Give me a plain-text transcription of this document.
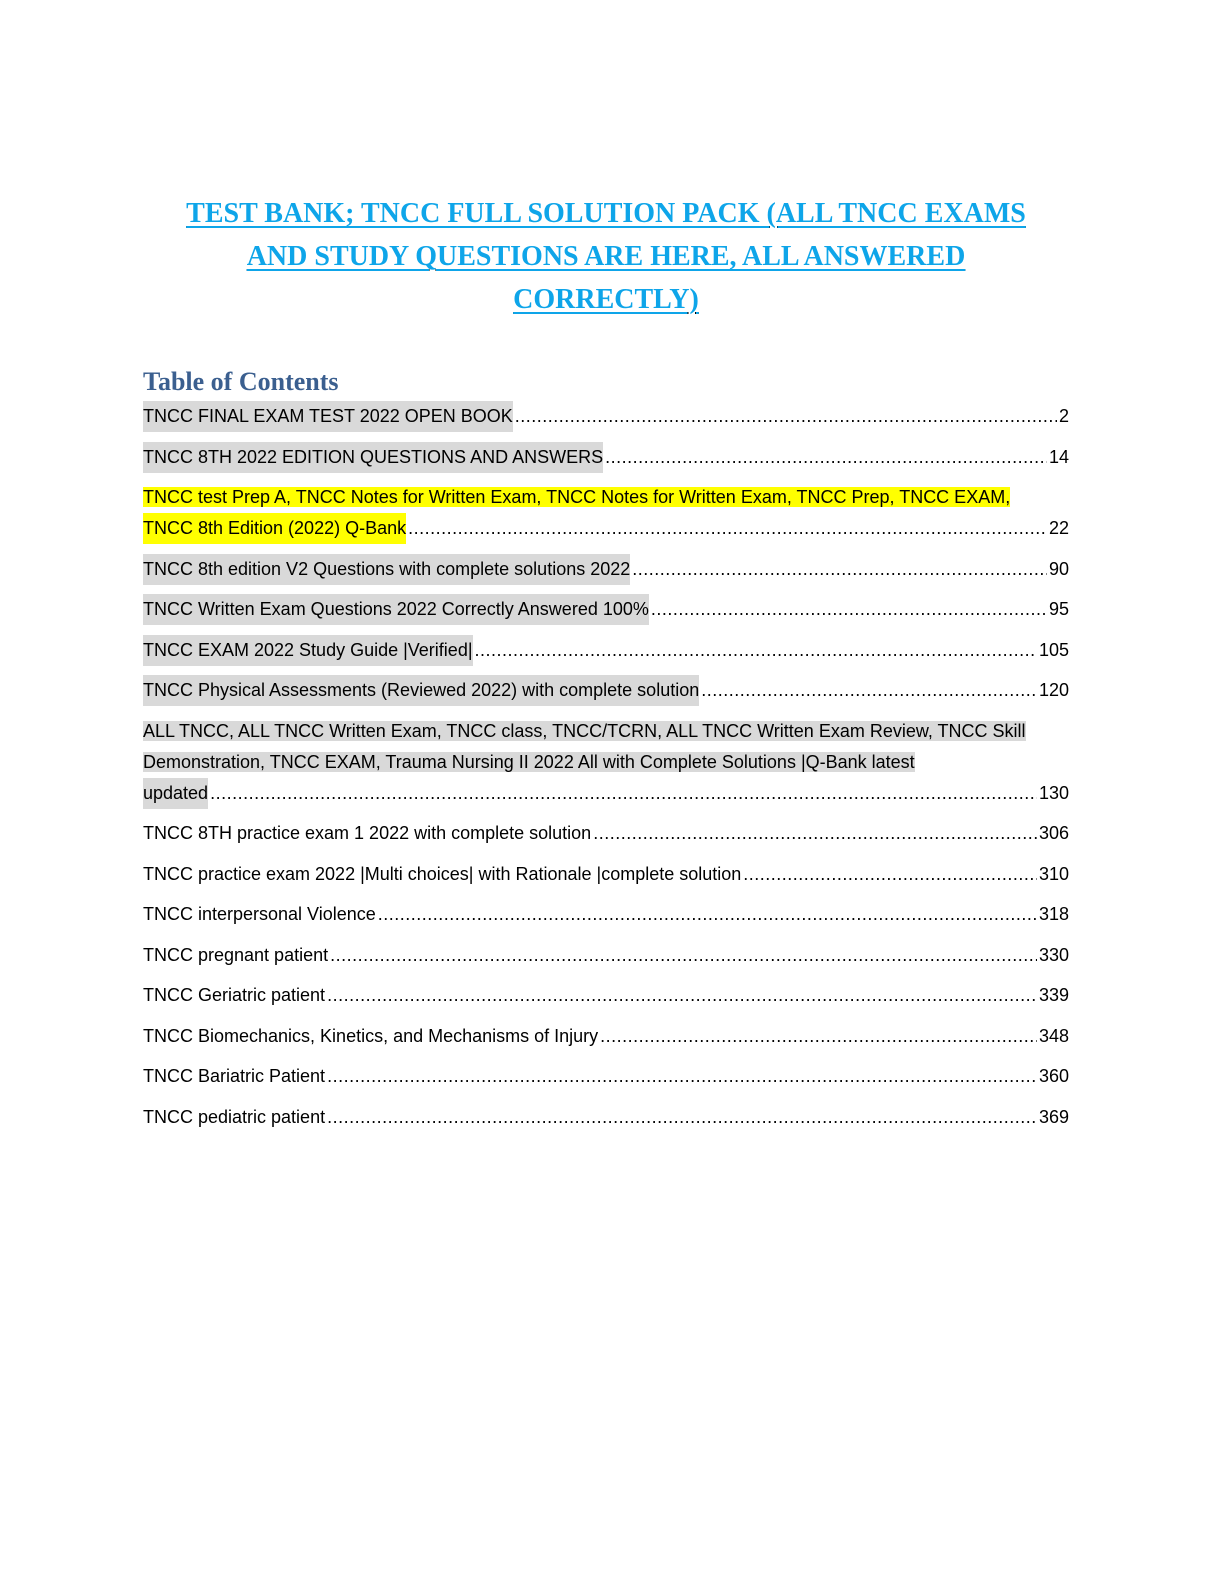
TEST BANK; TNCC FULL SOLUTION PACK (ALL TNCC EXAMS
AND STUDY QUESTIONS ARE HERE, ALL ANSWERED
CORRECTLY)
Table of Contents
TNCC FINAL EXAM TEST 2022 OPEN BOOK .....	2
TNCC 8TH 2022 EDITION QUESTIONS AND ANSWERS .....	14
TNCC test Prep A, TNCC Notes for Written Exam, TNCC Notes for Written Exam, TNCC Prep, TNCC EXAM,
TNCC 8th Edition (2022) Q-Bank .....	22
TNCC 8th edition V2 Questions with complete solutions 2022 .....	90
TNCC Written Exam Questions 2022 Correctly Answered 100% .....	95
TNCC EXAM 2022 Study Guide |Verified| .....	105
TNCC Physical Assessments (Reviewed 2022) with complete solution .....	120
ALL TNCC, ALL TNCC Written Exam, TNCC class, TNCC/TCRN, ALL TNCC Written Exam Review, TNCC Skill
Demonstration, TNCC EXAM, Trauma Nursing II 2022 All with Complete Solutions |Q-Bank latest
updated .....	130
TNCC 8TH practice exam 1 2022 with complete solution .....	306
TNCC practice exam 2022 |Multi choices| with Rationale |complete solution .....	310
TNCC interpersonal Violence .....	318
TNCC pregnant patient .....	330
TNCC Geriatric patient .....	339
TNCC Biomechanics, Kinetics, and Mechanisms of Injury .....	348
TNCC Bariatric Patient .....	360
TNCC pediatric patient .....	369
